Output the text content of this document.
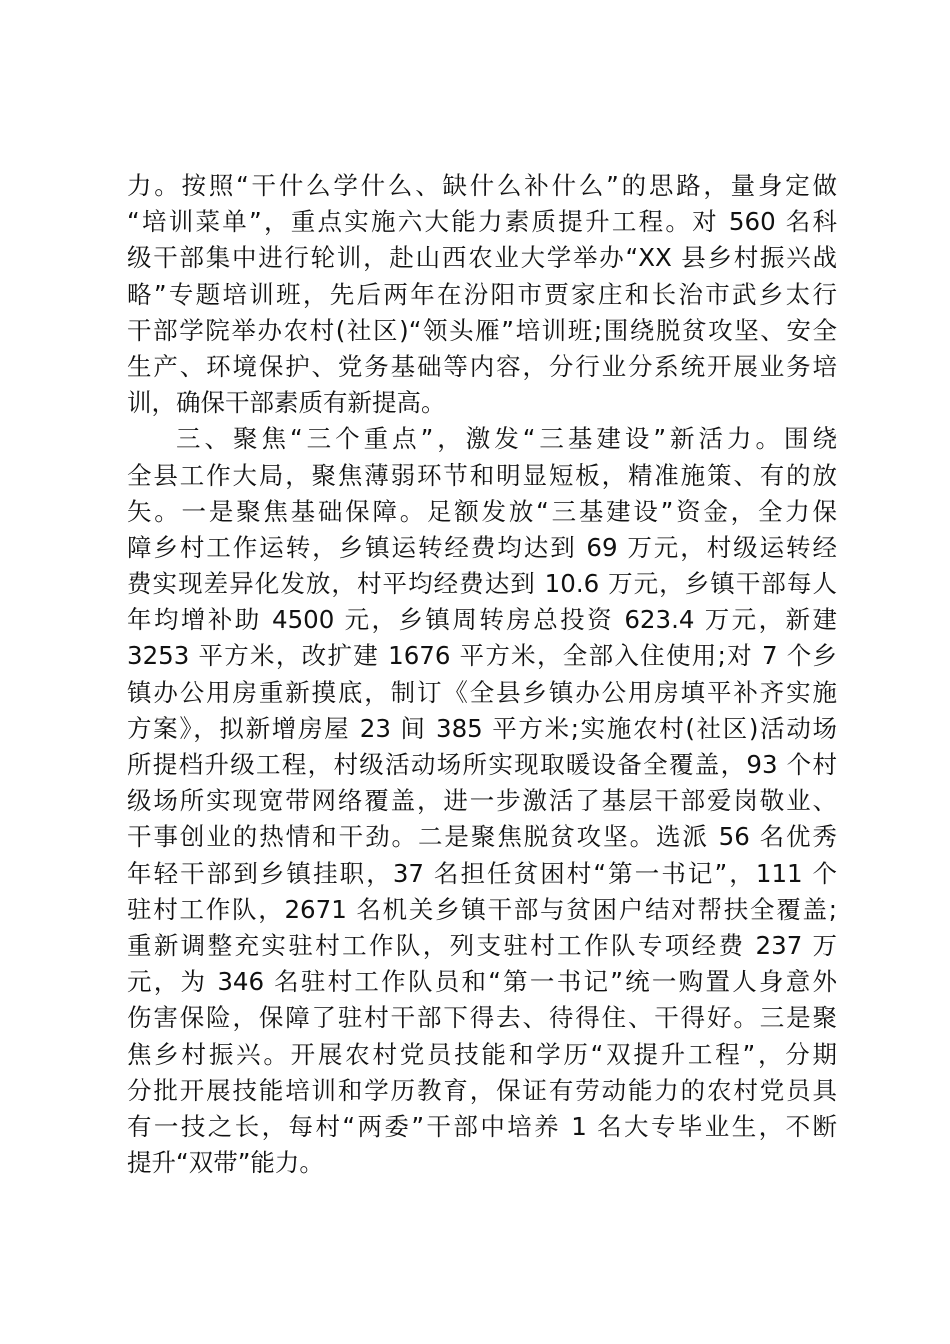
力。按照“干什么学什么、缺什么补什么”的思路，量身定做
“培训菜单”，重点实施六大能力素质提升工程。对 560 名科
级干部集中进行轮训，赴山西农业大学举办“XX 县乡村振兴战
略”专题培训班，先后两年在汾阳市贾家庄和长治市武乡太行
干部学院举办农村(社区)“领头雁”培训班;围绕脱贫攻坚、安全
生产、环境保护、党务基础等内容，分行业分系统开展业务培
训，确保干部素质有新提高。
三、聚焦“三个重点”，激发“三基建设”新活力。围绕
全县工作大局，聚焦薄弱环节和明显短板，精准施策、有的放
矢。一是聚焦基础保障。足额发放“三基建设”资金，全力保
障乡村工作运转，乡镇运转经费均达到 69 万元，村级运转经
费实现差异化发放，村平均经费达到 10.6 万元，乡镇干部每人
年均增补助 4500 元，乡镇周转房总投资 623.4 万元，新建
3253 平方米，改扩建 1676 平方米，全部入住使用;对 7 个乡
镇办公用房重新摸底，制订《全县乡镇办公用房填平补齐实施
方案》，拟新增房屋 23 间 385 平方米;实施农村(社区)活动场
所提档升级工程，村级活动场所实现取暖设备全覆盖，93 个村
级场所实现宽带网络覆盖，进一步激活了基层干部爱岗敬业、
干事创业的热情和干劲。二是聚焦脱贫攻坚。选派 56 名优秀
年轻干部到乡镇挂职，37 名担任贫困村“第一书记”，111 个
驻村工作队，2671 名机关乡镇干部与贫困户结对帮扶全覆盖;
重新调整充实驻村工作队，列支驻村工作队专项经费 237 万
元，为 346 名驻村工作队员和“第一书记”统一购置人身意外
伤害保险，保障了驻村干部下得去、待得住、干得好。三是聚
焦乡村振兴。开展农村党员技能和学历“双提升工程”，分期
分批开展技能培训和学历教育，保证有劳动能力的农村党员具
有一技之长，每村“两委”干部中培养 1 名大专毕业生，不断
提升“双带”能力。
